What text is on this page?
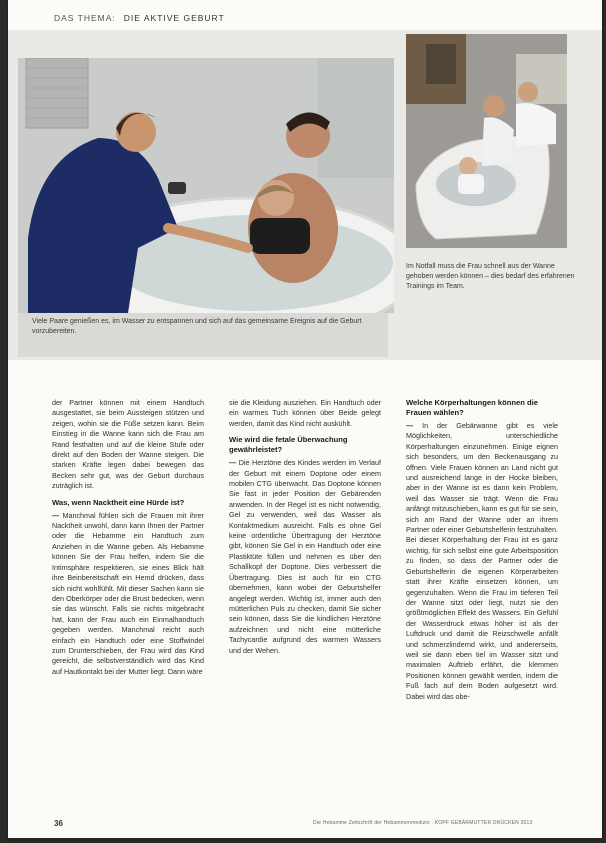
DAS THEMA: DIE AKTIVE GEBURT
Viele Paare genießen es, im Wasser zu entspannen und sich auf das gemeinsame Ereignis auf die Geburt vorzubereiten.
Im Notfall muss die Frau schnell aus der Wanne gehoben werden können – dies bedarf des erfahrenen Trainings im Team.

der Partner können mit einem Handtuch ausgestattet, sie beim Aussteigen stützen und zeigen, wohin sie die Füße setzen kann. Beim Einstieg in die Wanne kann sich die Frau am Rand festhalten und auf die kleine Stufe oder direkt auf den Boden der Wanne steigen. Die starken Kräfte legen dabei bewegen das Becken sehr gut, was der Geburt durchaus zuträglich ist.

Was, wenn Nacktheit eine Hürde ist?

— Manchmal fühlen sich die Frauen mit ihrer Nacktheit unwohl, dann kann Ihnen der Partner oder die Hebamme ein Handtuch zum Anziehen in die Wanne geben. Als Hebamme können Sie der Frau helfen, indem Sie die Intimsphäre respektieren, sie eines Blick hält ihre Beinbereitschaft ein Hemd drücken, dass sich nicht wohlfühlt. Mit dieser Sachen kann sie den Oberkörper oder die Brust bedecken, wenn sie das wünscht. Falls sie nichts mitgebracht hat, kann der Frau auch ein Einmalhandtuch gegeben werden. Manchmal reicht auch einfach ein Handtuch oder eine Stoffwindel zum Drunterschieben, der Frau wird das Kind gereicht, die selbstverständlich wird das Kind auf Hautkontakt bei der Mutter liegt. Dann wäre

sie die Kleidung ausziehen. Ein Handtuch oder ein warmes Tuch können über Beide gelegt werden, damit das Kind nicht auskühlt.

Wie wird die fetale Überwachung gewährleistet?

— Die Herztöne des Kindes werden im Verlauf der Geburt mit einem Doptone oder einem mobilen CTG überwacht. Das Doptone können Sie fast in jeder Position der Gebärenden anwenden. In der Regel ist es nicht notwendig, Gel zu verwenden, weil das Wasser als Kontaktmedium ausreicht. Falls es ohne Gel keine ordentliche Übertragung der Herztöne gibt, können Sie Gel in ein Handtuch oder eine Plastiktüte füllen und nehmen es über den Schallkopf der Doptone. Dies verbessert die Übertragung. Dies ist auch für ein CTG übernehmen, kann wobei der Geburtshelfer angelegt werden. Wichtig ist, immer auch den mütterlichen Puls zu checken, damit Sie sicher sein können, dass Sie die kindlichen Herztöne aufzeichnen und nicht eine mütterliche Tachycardie aufgrund des warmen Wassers und der Wehen.

Welche Körperhaltungen können die Frauen wählen?

— In der Gebärwanne gibt es viele Möglichkeiten, unterschiedliche Körperhaltungen einzunehmen. Einige eignen sich besonders, um den Beckenausgang zu öffnen. Viele Frauen können an Land nicht gut und ausreichend lange in der Hocke bleiben, aber in der Wanne ist es dann kein Problem, weil das Wasser sie trägt. Wenn die Frau anfängt mitzuschieben, kann es gut für sie sein, sich am Rand der Wanne oder an ihrem Partner oder einer Geburtshelferin festzuhalten. Bei dieser Körperhaltung der Frau ist es ganz wichtig, für sich selbst eine gute Arbeitsposition zu finden, so dass der Partner oder die Geburtshelferin die eigenen Körperarbeiten statt ihrer Kräfte einsetzen können, um gegenzuhalten. Wenn die Frau im tieferen Teil der Wanne sitzt oder liegt, nutzt sie den größtmöglichen Effekt des Wassers. Ein Gefühl der Wasserdruck etwas höher ist als der Luftdruck und damit die Reizschwelle anfällt und schmerzlindernd wirkt, und andererseits, weil sie dann eben tiel im Wasser sitzt und maximalen Auftrieb erfährt, die klemmen Positionen können gewählt werden, indem die Fuß fach auf dem Boden aufgesetzt wird. Dabei wird das obe-

36	Die Hebamme Zeitschrift der Hebammenmedizin · KOPF GEBÄRMUTTER DRÜCKEN 2013
